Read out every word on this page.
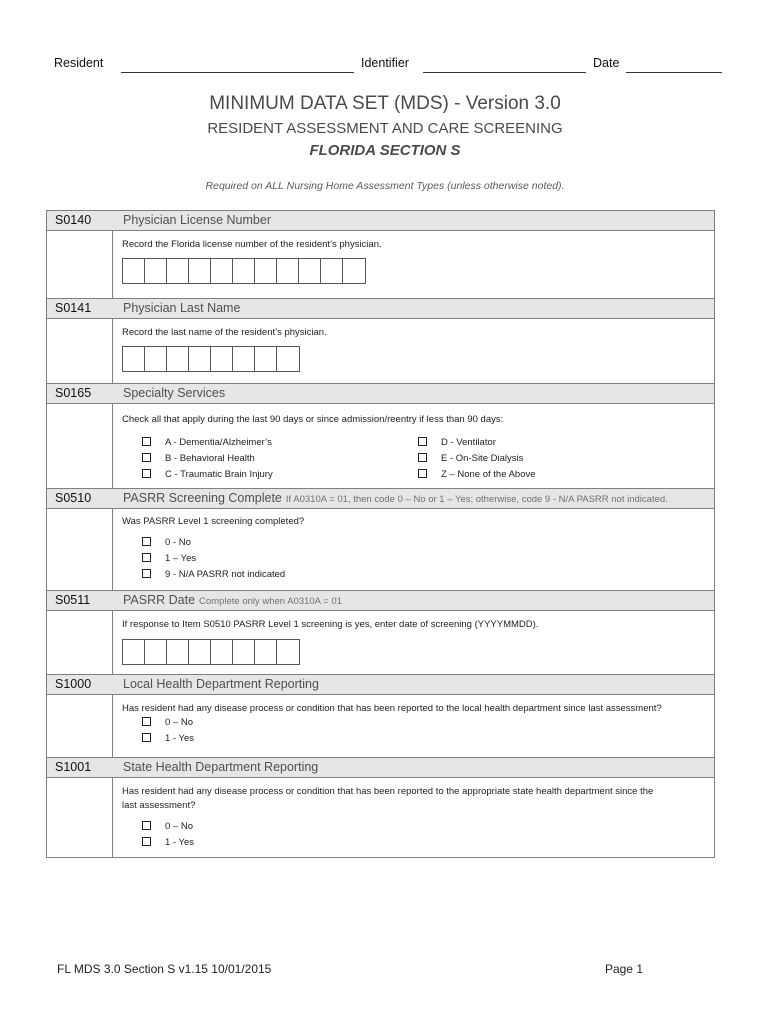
Resident	Identifier	Date
MINIMUM DATA SET (MDS) - Version 3.0
RESIDENT ASSESSMENT AND CARE SCREENING
FLORIDA SECTION S
Required on ALL Nursing Home Assessment Types (unless otherwise noted).
S0140	Physician License Number
Record the Florida license number of the resident’s physician.
S0141	Physician Last Name
Record the last name of the resident’s physician.
S0165	Specialty Services
Check all that apply during the last 90 days or since admission/reentry if less than 90 days:
A - Dementia/Alzheimer’s
B - Behavioral Health
C - Traumatic Brain Injury
D - Ventilator
E - On-Site Dialysis
Z – None of the Above
S0510	PASRR Screening Complete If A0310A = 01, then code 0 – No or 1 – Yes; otherwise, code 9 - N/A PASRR not indicated.
Was PASRR Level 1 screening completed?
0 - No
1 – Yes
9 - N/A PASRR not indicated
S0511	PASRR Date Complete only when A0310A = 01
If response to Item S0510 PASRR Level 1 screening is yes, enter date of screening (YYYYMMDD).
S1000	Local Health Department Reporting
Has resident had any disease process or condition that has been reported to the local health department since last assessment?
0 – No
1 - Yes
S1001	State Health Department Reporting
Has resident had any disease process or condition that has been reported to the appropriate state health department since the
last assessment?
0 – No
1 - Yes
FL MDS 3.0 Section S v1.15 10/01/2015	Page 1
